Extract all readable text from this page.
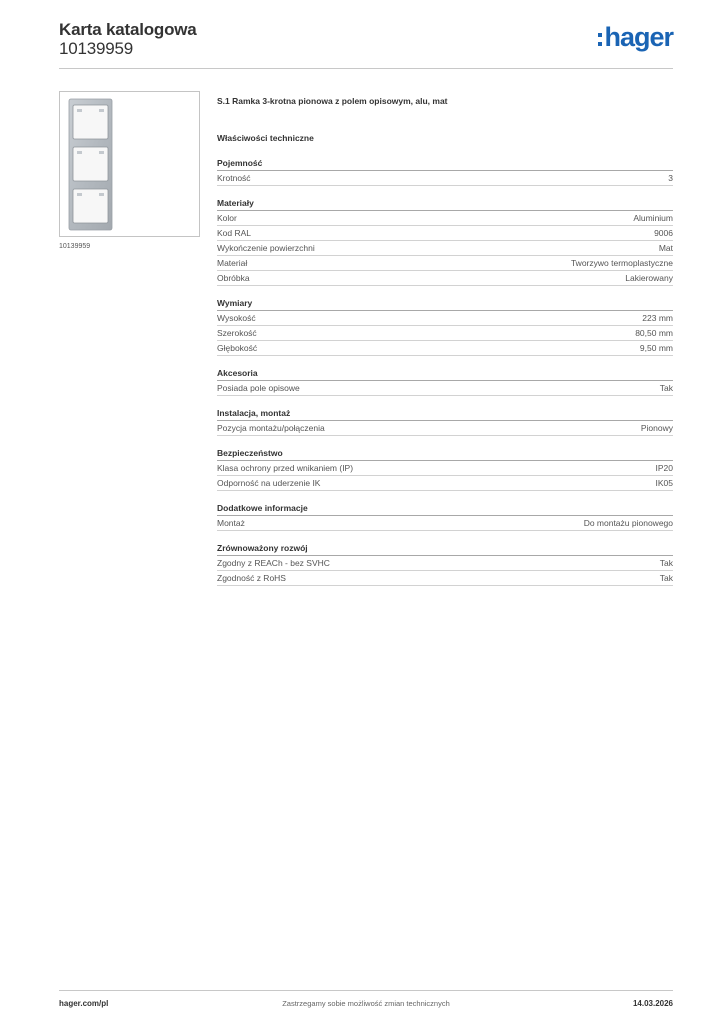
Karta katalogowa
10139959	hager
10139959
S.1 Ramka 3-krotna pionowa z polem opisowym, alu, mat
Właściwości techniczne
Pojemność
Krotność	3
Materiały
Kolor	Aluminium
Kod RAL	9006
Wykończenie powierzchni	Mat
Materiał	Tworzywo termoplastyczne
Obróbka	Lakierowany
Wymiary
Wysokość	223 mm
Szerokość	80,50 mm
Głębokość	9,50 mm
Akcesoria
Posiada pole opisowe	Tak
Instalacja, montaż
Pozycja montażu/połączenia	Pionowy
Bezpieczeństwo
Klasa ochrony przed wnikaniem (IP)	IP20
Odporność na uderzenie IK	IK05
Dodatkowe informacje
Montaż	Do montażu pionowego
Zrównoważony rozwój
Zgodny z REACh - bez SVHC	Tak
Zgodność z RoHS	Tak
hager.com/pl	Zastrzegamy sobie możliwość zmian technicznych	14.03.2026
